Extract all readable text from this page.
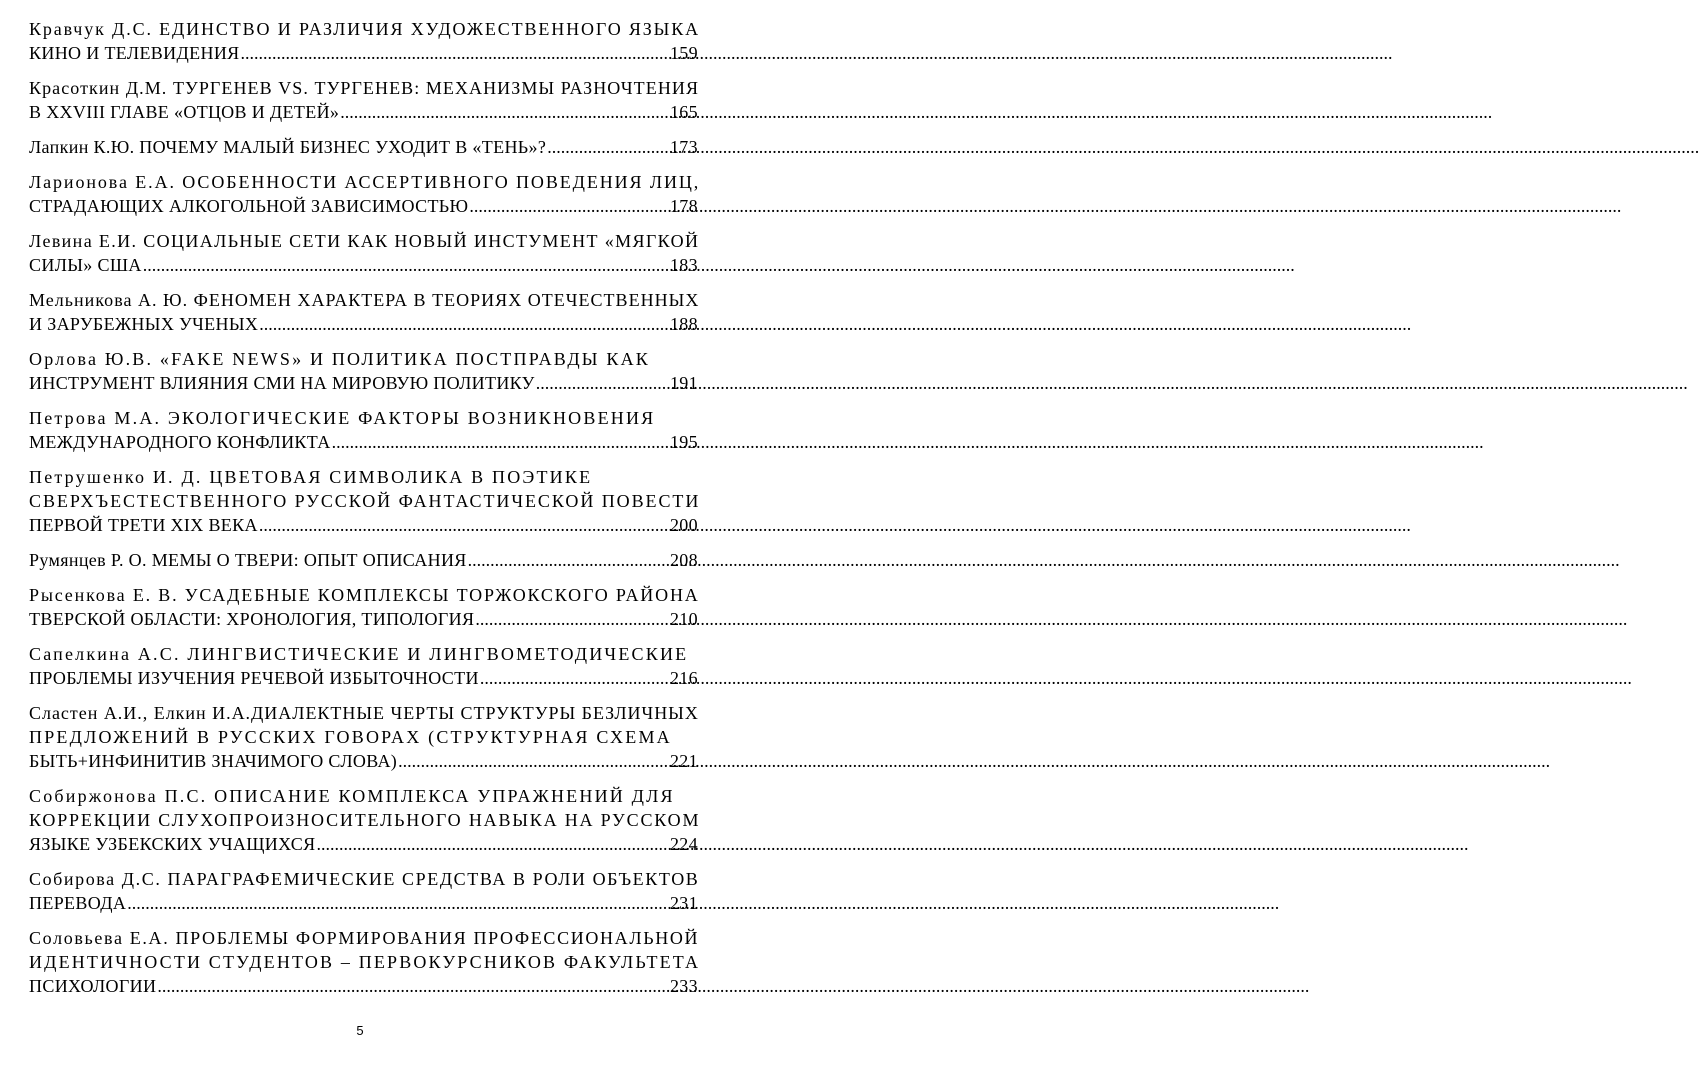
Кравчук Д.С. ЕДИНСТВО И РАЗЛИЧИЯ ХУДОЖЕСТВЕННОГО ЯЗЫКА
КИНО И ТЕЛЕВИДЕНИЯ .....	159
Красоткин Д.М. ТУРГЕНЕВ VS. ТУРГЕНЕВ: МЕХАНИЗМЫ РАЗНОЧТЕНИЯ
В XXVIII ГЛАВЕ «ОТЦОВ И ДЕТЕЙ» .....	165
Лапкин К.Ю. ПОЧЕМУ МАЛЫЙ БИЗНЕС УХОДИТ В «ТЕНЬ»? .....	173
Ларионова Е.А. ОСОБЕННОСТИ АССЕРТИВНОГО ПОВЕДЕНИЯ ЛИЦ,
СТРАДАЮЩИХ АЛКОГОЛЬНОЙ ЗАВИСИМОСТЬЮ .....	178
Левина Е.И. СОЦИАЛЬНЫЕ СЕТИ КАК НОВЫЙ ИНСТУМЕНТ «МЯГКОЙ
СИЛЫ» США .....	183
Мельникова А. Ю. ФЕНОМЕН ХАРАКТЕРА В ТЕОРИЯХ ОТЕЧЕСТВЕННЫХ
И ЗАРУБЕЖНЫХ УЧЕНЫХ .....	188
Орлова Ю.В. «FAKE NEWS» И ПОЛИТИКА ПОСТПРАВДЫ КАК
ИНСТРУМЕНТ ВЛИЯНИЯ СМИ НА МИРОВУЮ ПОЛИТИКУ .....	191
Петрова М.А. ЭКОЛОГИЧЕСКИЕ ФАКТОРЫ ВОЗНИКНОВЕНИЯ
МЕЖДУНАРОДНОГО КОНФЛИКТА .....	195
Петрушенко И. Д. ЦВЕТОВАЯ СИМВОЛИКА В ПОЭТИКЕ
СВЕРХЪЕСТЕСТВЕННОГО РУССКОЙ ФАНТАСТИЧЕСКОЙ ПОВЕСТИ
ПЕРВОЙ ТРЕТИ XIX ВЕКА .....	200
Румянцев Р. О. МЕМЫ О ТВЕРИ: ОПЫТ ОПИСАНИЯ .....	208
Рысенкова Е. В. УСАДЕБНЫЕ КОМПЛЕКСЫ ТОРЖОКСКОГО РАЙОНА
ТВЕРСКОЙ ОБЛАСТИ: ХРОНОЛОГИЯ, ТИПОЛОГИЯ .....	210
Сапелкина А.С. ЛИНГВИСТИЧЕСКИЕ И ЛИНГВОМЕТОДИЧЕСКИЕ
ПРОБЛЕМЫ ИЗУЧЕНИЯ РЕЧЕВОЙ ИЗБЫТОЧНОСТИ .....	216
Сластен А.И., Елкин И.А.ДИАЛЕКТНЫЕ ЧЕРТЫ СТРУКТУРЫ БЕЗЛИЧНЫХ
ПРЕДЛОЖЕНИЙ В РУССКИХ ГОВОРАХ (СТРУКТУРНАЯ СХЕМА
БЫТЬ+ИНФИНИТИВ ЗНАЧИМОГО СЛОВА) .....	221
Собиржонова П.С. ОПИСАНИЕ КОМПЛЕКСА УПРАЖНЕНИЙ ДЛЯ
КОРРЕКЦИИ СЛУХОПРОИЗНОСИТЕЛЬНОГО НАВЫКА НА РУССКОМ
ЯЗЫКЕ УЗБЕКСКИХ УЧАЩИХСЯ .....	224
Собирова Д.С. ПАРАГРАФЕМИЧЕСКИЕ СРЕДСТВА В РОЛИ ОБЪЕКТОВ
ПЕРЕВОДА .....	231
Соловьева Е.А. ПРОБЛЕМЫ ФОРМИРОВАНИЯ ПРОФЕССИОНАЛЬНОЙ
ИДЕНТИЧНОСТИ СТУДЕНТОВ – ПЕРВОКУРСНИКОВ ФАКУЛЬТЕТА
ПСИХОЛОГИИ .....	233
5
